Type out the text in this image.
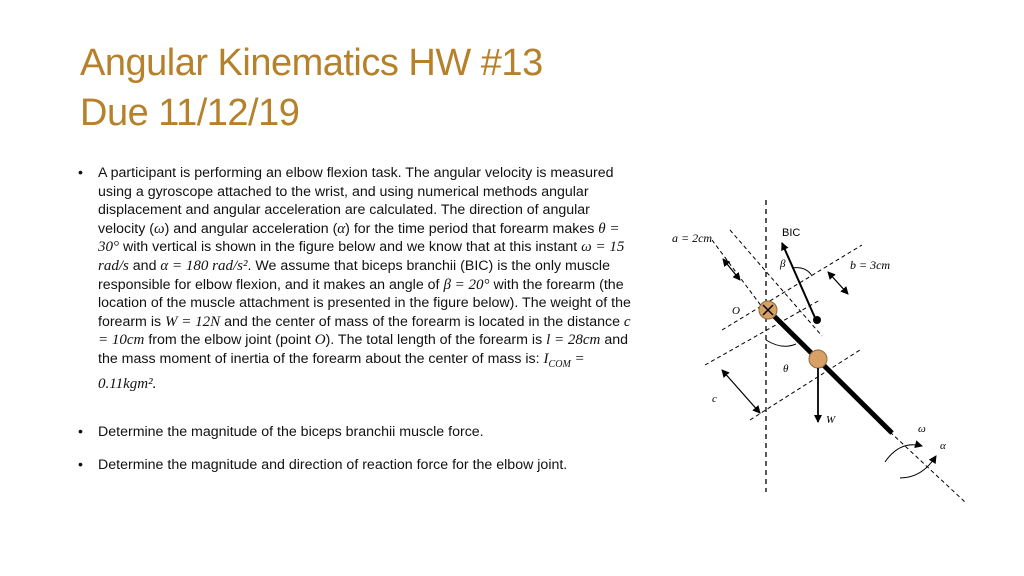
Angular Kinematics HW #13
Due 11/12/19
•	A participant is performing an elbow flexion task. The angular velocity is measured using a gyroscope attached to the wrist, and using numerical methods angular displacement and angular acceleration are calculated. The direction of angular velocity (ω) and angular acceleration (α) for the time period that forearm makes θ = 30° with vertical is shown in the figure below and we know that at this instant ω = 15 rad/s and α = 180 rad/s². We assume that biceps branchii (BIC) is the only muscle responsible for elbow flexion, and it makes an angle of β = 20° with the forearm (the location of the muscle attachment is presented in the figure below). The weight of the forearm is W = 12N and the center of mass of the forearm is located in the distance c = 10cm from the elbow joint (point O). The total length of the forearm is l = 28cm and the mass moment of inertia of the forearm about the center of mass is: $I_{COM} = 0.11kgm^2$.
•	Determine the magnitude of the biceps branchii muscle force.
•	Determine the magnitude and direction of reaction force for the elbow joint.
a = 2cm	BIC
β	b = 3cm
O
θ
c
W
ω
α
